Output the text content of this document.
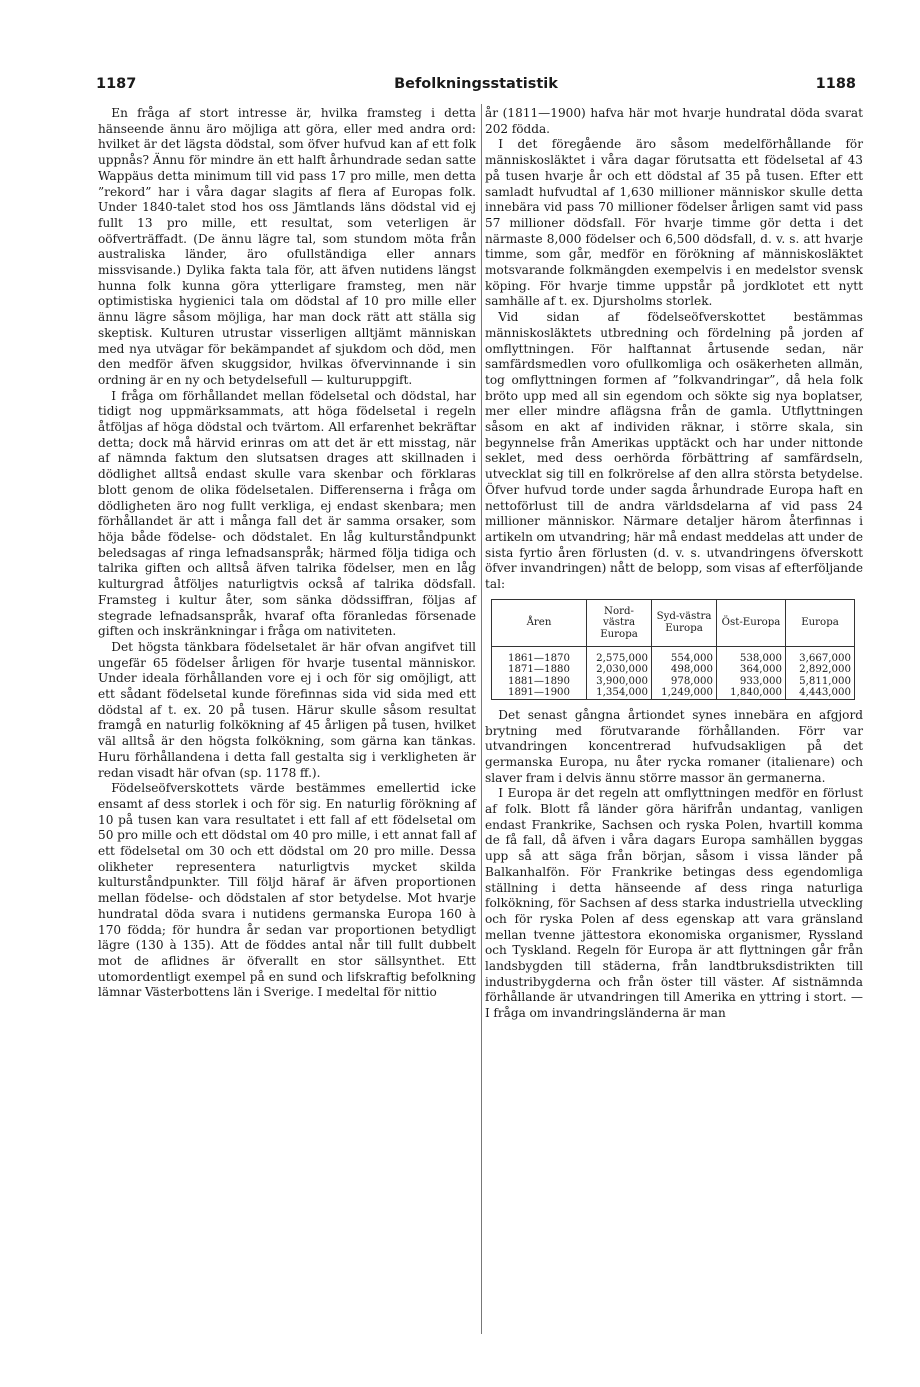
1187	Befolkningsstatistik	1188

En fråga af stort intresse är, hvilka framsteg i detta hänseende ännu äro möjliga att göra, eller med andra ord: hvilket är det lägsta dödstal, som öfver hufvud kan af ett folk uppnås? Ännu för mindre än ett halft århundrade sedan satte Wappäus detta minimum till vid pass 17 pro mille, men detta ”rekord” har i våra dagar slagits af flera af Europas folk. Under 1840-talet stod hos oss Jämtlands läns dödstal vid ej fullt 13 pro mille, ett resultat, som veterligen är oöfverträffadt. (De ännu lägre tal, som stundom möta från australiska länder, äro ofullständiga eller annars missvisande.) Dylika fakta tala för, att äfven nutidens längst hunna folk kunna göra ytterligare framsteg, men när optimistiska hygienici tala om dödstal af 10 pro mille eller ännu lägre såsom möjliga, har man dock rätt att ställa sig skeptisk. Kulturen utrustar visserligen alltjämt människan med nya utvägar för bekämpandet af sjukdom och död, men den medför äfven skuggsidor, hvilkas öfvervinnande i sin ordning är en ny och betydelsefull — kulturuppgift.

I fråga om förhållandet mellan födelsetal och dödstal, har tidigt nog uppmärksammats, att höga födelsetal i regeln åtföljas af höga dödstal och tvärtom. All erfarenhet bekräftar detta; dock må härvid erinras om att det är ett misstag, när af nämnda faktum den slutsatsen drages att skillnaden i dödlighet alltså endast skulle vara skenbar och förklaras blott genom de olika födelsetalen. Differenserna i fråga om dödligheten äro nog fullt verkliga, ej endast skenbara; men förhållandet är att i många fall det är samma orsaker, som höja både födelse- och dödstalet. En låg kulturståndpunkt beledsagas af ringa lefnadsanspråk; härmed följa tidiga och talrika giften och alltså äfven talrika födelser, men en låg kulturgrad åtföljes naturligtvis också af talrika dödsfall. Framsteg i kultur åter, som sänka dödssiffran, följas af stegrade lefnadsanspråk, hvaraf ofta föranledas försenade giften och inskränkningar i fråga om nativiteten.

Det högsta tänkbara födelsetalet är här ofvan angifvet till ungefär 65 födelser årligen för hvarje tusental människor. Under ideala förhållanden vore ej i och för sig omöjligt, att ett sådant födelsetal kunde förefinnas sida vid sida med ett dödstal af t. ex. 20 på tusen. Härur skulle såsom resultat framgå en naturlig folkökning af 45 årligen på tusen, hvilket väl alltså är den högsta folkökning, som gärna kan tänkas. Huru förhållandena i detta fall gestalta sig i verkligheten är redan visadt här ofvan (sp. 1178 ff.).

Födelseöfverskottets värde bestämmes emellertid icke ensamt af dess storlek i och för sig. En naturlig förökning af 10 på tusen kan vara resultatet i ett fall af ett födelsetal om 50 pro mille och ett dödstal om 40 pro mille, i ett annat fall af ett födelsetal om 30 och ett dödstal om 20 pro mille. Dessa olikheter representera naturligtvis mycket skilda kulturståndpunkter. Till följd häraf är äfven proportionen mellan födelse- och dödstalen af stor betydelse. Mot hvarje hundratal döda svara i nutidens germanska Europa 160 à 170 födda; för hundra år sedan var proportionen betydligt lägre (130 à 135). Att de föddes antal når till fullt dubbelt mot de aflidnes är öfverallt en stor sällsynthet. Ett utomordentligt exempel på en sund och lifskraftig befolkning lämnar Västerbottens län i Sverige. I medeltal för nittio

år (1811—1900) hafva här mot hvarje hundratal döda svarat 202 födda.

I det föregående äro såsom medelförhållande för människosläktet i våra dagar förutsatta ett födelsetal af 43 på tusen hvarje år och ett dödstal af 35 på tusen. Efter ett samladt hufvudtal af 1,630 millioner människor skulle detta innebära vid pass 70 millioner födelser årligen samt vid pass 57 millioner dödsfall. För hvarje timme gör detta i det närmaste 8,000 födelser och 6,500 dödsfall, d. v. s. att hvarje timme, som går, medför en förökning af människosläktet motsvarande folkmängden exempelvis i en medelstor svensk köping. För hvarje timme uppstår på jordklotet ett nytt samhälle af t. ex. Djursholms storlek.

Vid sidan af födelseöfverskottet bestämmas människosläktets utbredning och fördelning på jorden af omflyttningen. För halftannat årtusende sedan, när samfärdsmedlen voro ofullkomliga och osäkerheten allmän, tog omflyttningen formen af ”folkvandringar”, då hela folk bröto upp med all sin egendom och sökte sig nya boplatser, mer eller mindre aflägsna från de gamla. Utflyttningen såsom en akt af individen räknar, i större skala, sin begynnelse från Amerikas upptäckt och har under nittonde seklet, med dess oerhörda förbättring af samfärdseln, utvecklat sig till en folkrörelse af den allra största betydelse. Öfver hufvud torde under sagda århundrade Europa haft en nettoförlust till de andra världsdelarna af vid pass 24 millioner människor. Närmare detaljer härom återfinnas i artikeln om utvandring; här må endast meddelas att under de sista fyrtio åren förlusten (d. v. s. utvandringens öfverskott öfver invandringen) nått de belopp, som visas af efterföljande tal:

Åren	Nord-västra Europa	Syd-västra Europa	Öst-Europa	Europa
1861—1870	2,575,000	554,000	538,000	3,667,000
1871—1880	2,030,000	498,000	364,000	2,892,000
1881—1890	3,900,000	978,000	933,000	5,811,000
1891—1900	1,354,000	1,249,000	1,840,000	4,443,000

Det senast gångna årtiondet synes innebära en afgjord brytning med förutvarande förhållanden. Förr var utvandringen koncentrerad hufvudsakligen på det germanska Europa, nu åter rycka romaner (italienare) och slaver fram i delvis ännu större massor än germanerna.

I Europa är det regeln att omflyttningen medför en förlust af folk. Blott få länder göra härifrån undantag, vanligen endast Frankrike, Sachsen och ryska Polen, hvartill komma de få fall, då äfven i våra dagars Europa samhällen byggas upp så att säga från början, såsom i vissa länder på Balkanhalfön. För Frankrike betingas dess egendomliga ställning i detta hänseende af dess ringa naturliga folkökning, för Sachsen af dess starka industriella utveckling och för ryska Polen af dess egenskap att vara gränsland mellan tvenne jättestora ekonomiska organismer, Ryssland och Tyskland. Regeln för Europa är att flyttningen går från landsbygden till städerna, från landtbruksdistrikten till industribygderna och från öster till väster. Af sistnämnda förhållande är utvandringen till Amerika en yttring i stort. — I fråga om invandringsländerna är man
